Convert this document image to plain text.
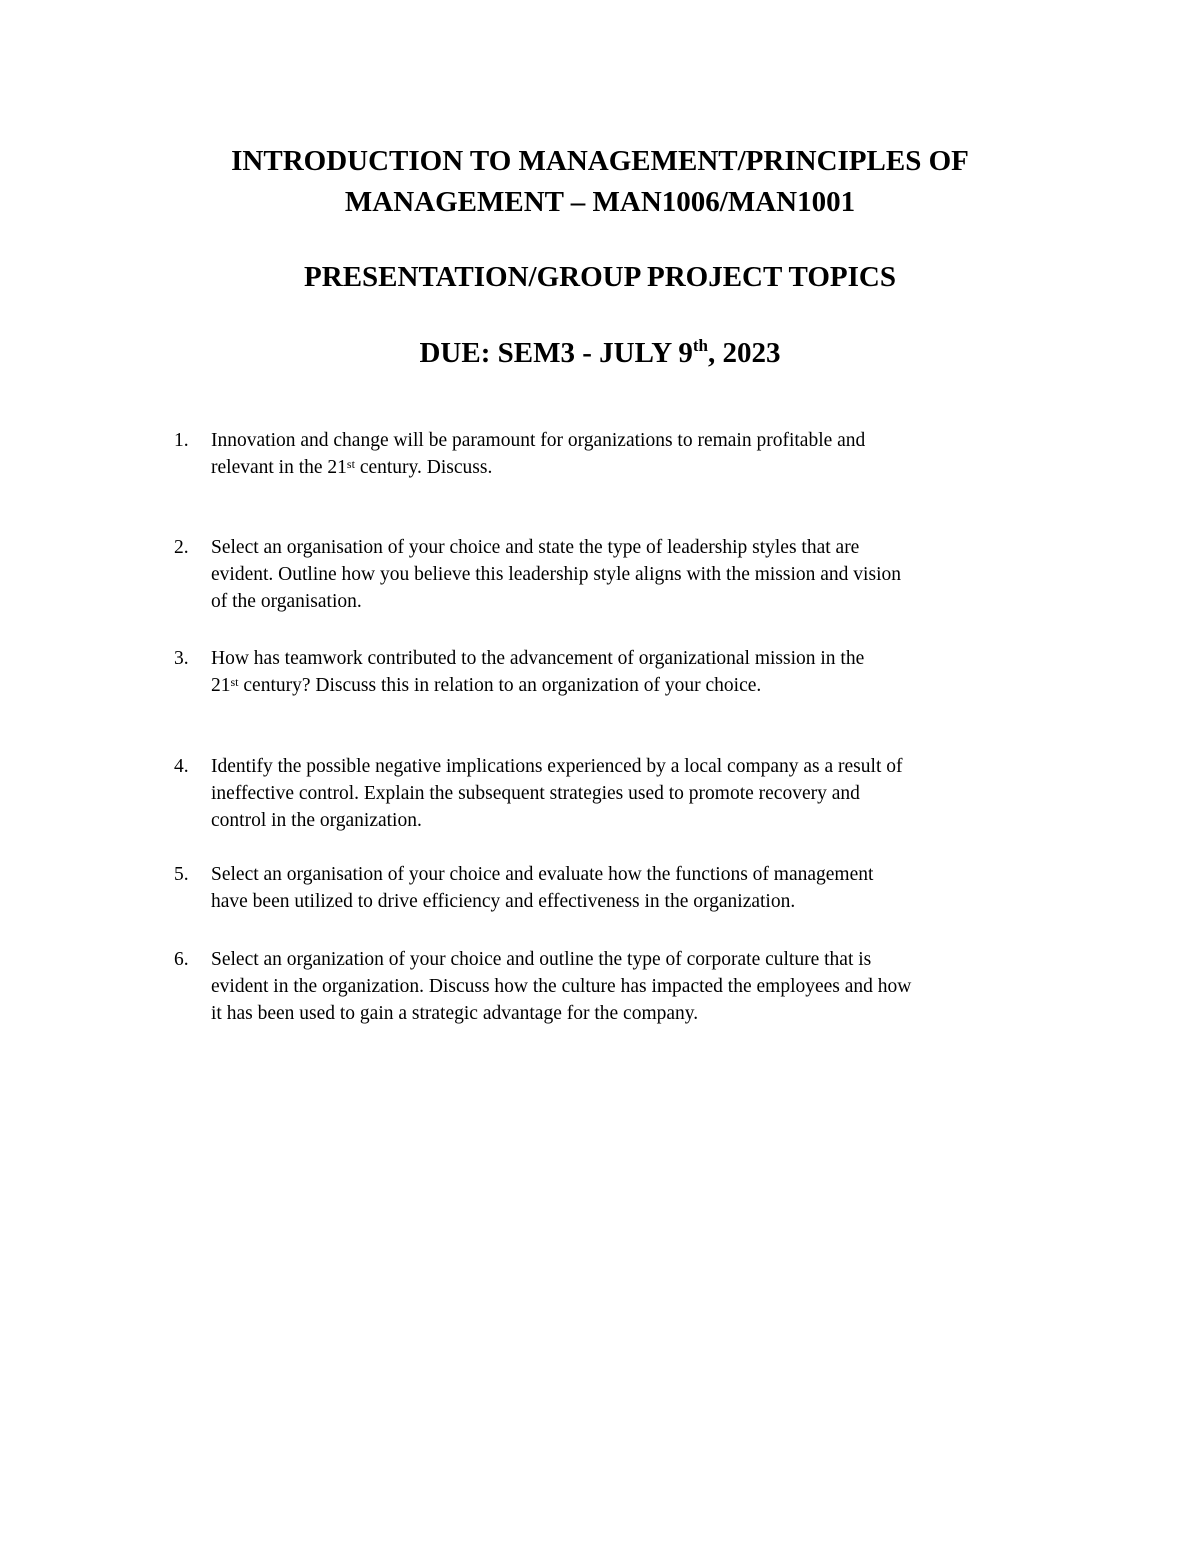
INTRODUCTION TO MANAGEMENT/PRINCIPLES OF
MANAGEMENT – MAN1006/MAN1001
PRESENTATION/GROUP PROJECT TOPICS
DUE: SEM3 - JULY 9th, 2023
1.	Innovation and change will be paramount for organizations to remain profitable and
relevant in the 21st century. Discuss.
2.	Select an organisation of your choice and state the type of leadership styles that are
evident. Outline how you believe this leadership style aligns with the mission and vision
of the organisation.
3.	How has teamwork contributed to the advancement of organizational mission in the
21st century? Discuss this in relation to an organization of your choice.
4.	Identify the possible negative implications experienced by a local company as a result of
ineffective control. Explain the subsequent strategies used to promote recovery and
control in the organization.
5.	Select an organisation of your choice and evaluate how the functions of management
have been utilized to drive efficiency and effectiveness in the organization.
6.	Select an organization of your choice and outline the type of corporate culture that is
evident in the organization. Discuss how the culture has impacted the employees and how
it has been used to gain a strategic advantage for the company.
